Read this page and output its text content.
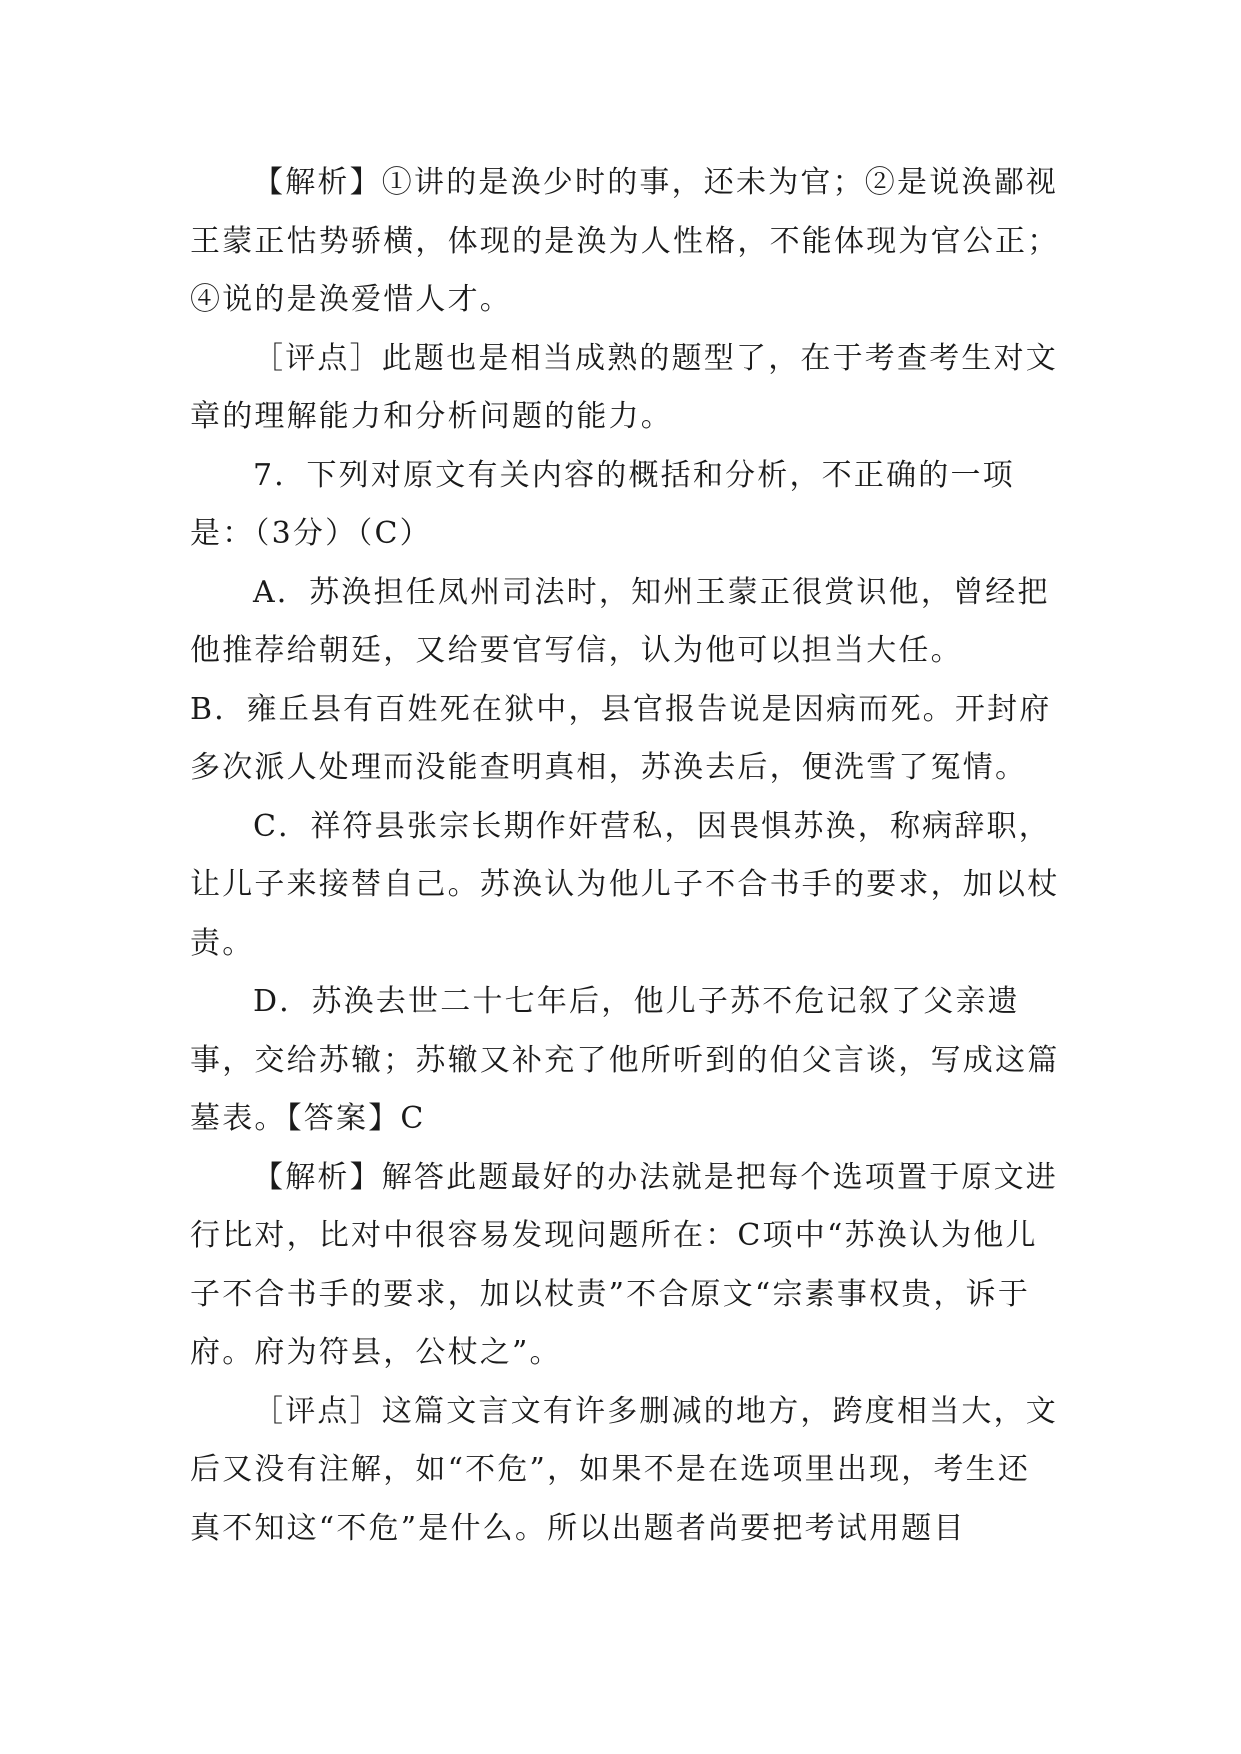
【解析】①讲的是涣少时的事，还未为官；②是说涣鄙视王蒙正怙势骄横，体现的是涣为人性格，不能体现为官公正；④说的是涣爱惜人才。

［评点］此题也是相当成熟的题型了，在于考查考生对文章的理解能力和分析问题的能力。

7．下列对原文有关内容的概括和分析，不正确的一项是：（3分）（C）

A．苏涣担任凤州司法时，知州王蒙正很赏识他，曾经把他推荐给朝廷，又给要官写信，认为他可以担当大任。

B．雍丘县有百姓死在狱中，县官报告说是因病而死。开封府多次派人处理而没能查明真相，苏涣去后，便洗雪了冤情。

C．祥符县张宗长期作奸营私，因畏惧苏涣，称病辞职，让儿子来接替自己。苏涣认为他儿子不合书手的要求，加以杖责。

D．苏涣去世二十七年后，他儿子苏不危记叙了父亲遗事，交给苏辙；苏辙又补充了他所听到的伯父言谈，写成这篇墓表。【答案】C

【解析】解答此题最好的办法就是把每个选项置于原文进行比对，比对中很容易发现问题所在：C项中“苏涣认为他儿子不合书手的要求，加以杖责”不合原文“宗素事权贵，诉于府。府为符县，公杖之”。

［评点］这篇文言文有许多删减的地方，跨度相当大，文后又没有注解，如“不危”，如果不是在选项里出现，考生还真不知这“不危”是什么。所以出题者尚要把考试用题目
